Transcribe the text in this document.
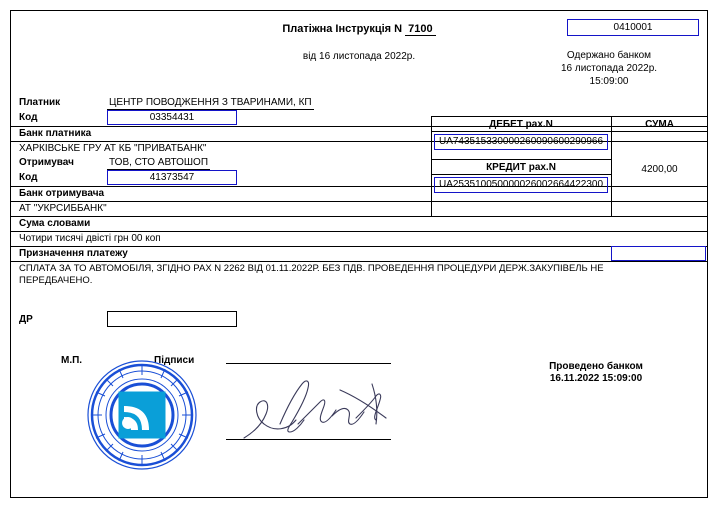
Платіжна Інструкція N 7100
від 16 листопада 2022р.
0410001
Одержано банком
16 листопада 2022р.
15:09:00
Платник	ЦЕНТР ПОВОДЖЕННЯ З ТВАРИНАМИ, КП
Код	03354431
Банк платника
ХАРКІВСЬКЕ ГРУ АТ КБ "ПРИВАТБАНК"
Отримувач	ТОВ, СТО АВТОШОП
Код	41373547
Банк отримувача
АТ "УКРСИББАНК"
ДЕБЕТ рах.N	СУМА
UA743515330000260090600290966
КРЕДИТ рах.N
UA253510050000026002664422300
4200,00
Сума словами
Чотири тисячі двісті грн 00 коп
Призначення платежу
СПЛАТА ЗА ТО АВТОМОБІЛЯ, ЗГІДНО РАХ N 2262 ВІД 01.11.2022Р. БЕЗ ПДВ. ПРОВЕДЕННЯ ПРОЦЕДУРИ ДЕРЖ.ЗАКУПІВЕЛЬ НЕ ПЕРЕДБАЧЕНО.
ДР
М.П.	Підписи
Проведено банком
16.11.2022 15:09:00
